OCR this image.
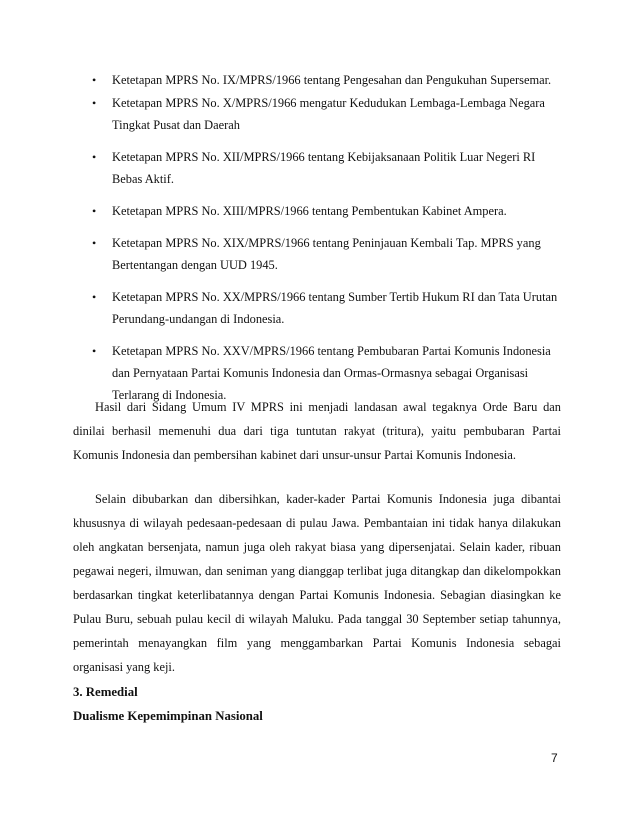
• Ketetapan MPRS No. IX/MPRS/1966 tentang Pengesahan dan Pengukuhan Supersemar.
• Ketetapan MPRS No. X/MPRS/1966 mengatur Kedudukan Lembaga-Lembaga Negara Tingkat Pusat dan Daerah
• Ketetapan MPRS No. XII/MPRS/1966 tentang Kebijaksanaan Politik Luar Negeri RI Bebas Aktif.
• Ketetapan MPRS No. XIII/MPRS/1966 tentang Pembentukan Kabinet Ampera.
• Ketetapan MPRS No. XIX/MPRS/1966 tentang Peninjauan Kembali Tap. MPRS yang Bertentangan dengan UUD 1945.
• Ketetapan MPRS No. XX/MPRS/1966 tentang Sumber Tertib Hukum RI dan Tata Urutan Perundang-undangan di Indonesia.
• Ketetapan MPRS No. XXV/MPRS/1966 tentang Pembubaran Partai Komunis Indonesia dan Pernyataan Partai Komunis Indonesia dan Ormas-Ormasnya sebagai Organisasi Terlarang di Indonesia.

Hasil dari Sidang Umum IV MPRS ini menjadi landasan awal tegaknya Orde Baru dan dinilai berhasil memenuhi dua dari tiga tuntutan rakyat (tritura), yaitu pembubaran Partai Komunis Indonesia dan pembersihan kabinet dari unsur-unsur Partai Komunis Indonesia.

Selain dibubarkan dan dibersihkan, kader-kader Partai Komunis Indonesia juga dibantai khususnya di wilayah pedesaan-pedesaan di pulau Jawa. Pembantaian ini tidak hanya dilakukan oleh angkatan bersenjata, namun juga oleh rakyat biasa yang dipersenjatai. Selain kader, ribuan pegawai negeri, ilmuwan, dan seniman yang dianggap terlibat juga ditangkap dan dikelompokkan berdasarkan tingkat keterlibatannya dengan Partai Komunis Indonesia. Sebagian diasingkan ke Pulau Buru, sebuah pulau kecil di wilayah Maluku. Pada tanggal 30 September setiap tahunnya, pemerintah menayangkan film yang menggambarkan Partai Komunis Indonesia sebagai organisasi yang keji.

3. Remedial
Dualisme Kepemimpinan Nasional
7
